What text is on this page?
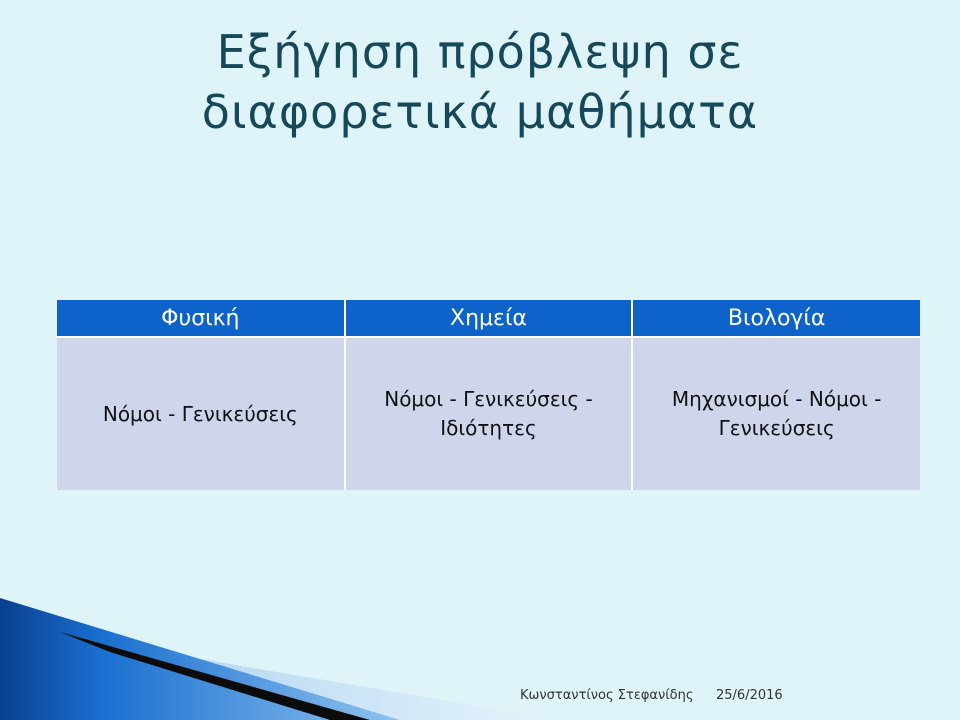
Εξήγηση πρόβλεψη σε
διαφορετικά μαθήματα
Φυσική	Χημεία	Βιολογία
Νόμοι - Γενικεύσεις	Νόμοι - Γενικεύσεις - Ιδιότητες	Μηχανισμοί - Νόμοι - Γενικεύσεις
Κωνσταντίνος Στεφανίδης 25/6/2016
